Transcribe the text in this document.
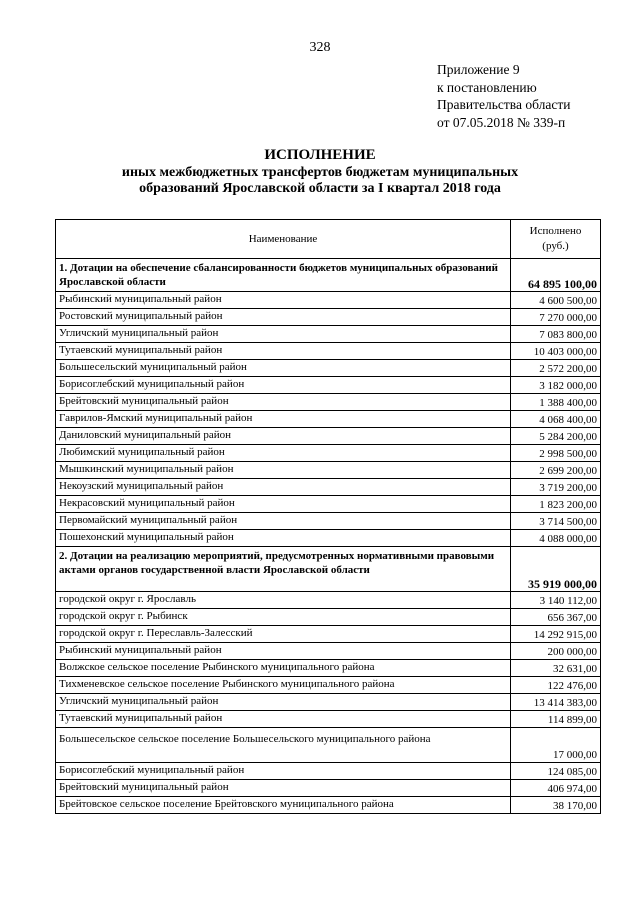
328
Приложение 9
к постановлению
Правительства области
от 07.05.2018 № 339-п
ИСПОЛНЕНИЕ
иных межбюджетных трансфертов бюджетам муниципальных
образований Ярославской области за I квартал 2018 года
Наименование	Исполнено
(руб.)
1. Дотации на обеспечение сбалансированности бюджетов муниципальных образований Ярославской области	64 895 100,00
Рыбинский муниципальный район	4 600 500,00
Ростовский муниципальный район	7 270 000,00
Угличский муниципальный район	7 083 800,00
Тутаевский муниципальный район	10 403 000,00
Большесельский муниципальный район	2 572 200,00
Борисоглебский муниципальный район	3 182 000,00
Брейтовский муниципальный район	1 388 400,00
Гаврилов-Ямский муниципальный район	4 068 400,00
Даниловский муниципальный район	5 284 200,00
Любимский муниципальный район	2 998 500,00
Мышкинский муниципальный район	2 699 200,00
Некоузский муниципальный район	3 719 200,00
Некрасовский муниципальный район	1 823 200,00
Первомайский муниципальный район	3 714 500,00
Пошехонский муниципальный район	4 088 000,00
2. Дотации на реализацию мероприятий, предусмотренных нормативными правовыми актами органов государственной власти Ярославской области	35 919 000,00
городской округ г. Ярославль	3 140 112,00
городской округ г. Рыбинск	656 367,00
городской округ г. Переславль-Залесский	14 292 915,00
Рыбинский муниципальный район	200 000,00
Волжское сельское поселение Рыбинского муниципального района	32 631,00
Тихменевское сельское поселение Рыбинского муниципального района	122 476,00
Угличский муниципальный район	13 414 383,00
Тутаевский муниципальный район	114 899,00
Большесельское сельское поселение Большесельского муниципального района	17 000,00
Борисоглебский муниципальный район	124 085,00
Брейтовский муниципальный район	406 974,00
Брейтовское сельское поселение Брейтовского муниципального района	38 170,00
